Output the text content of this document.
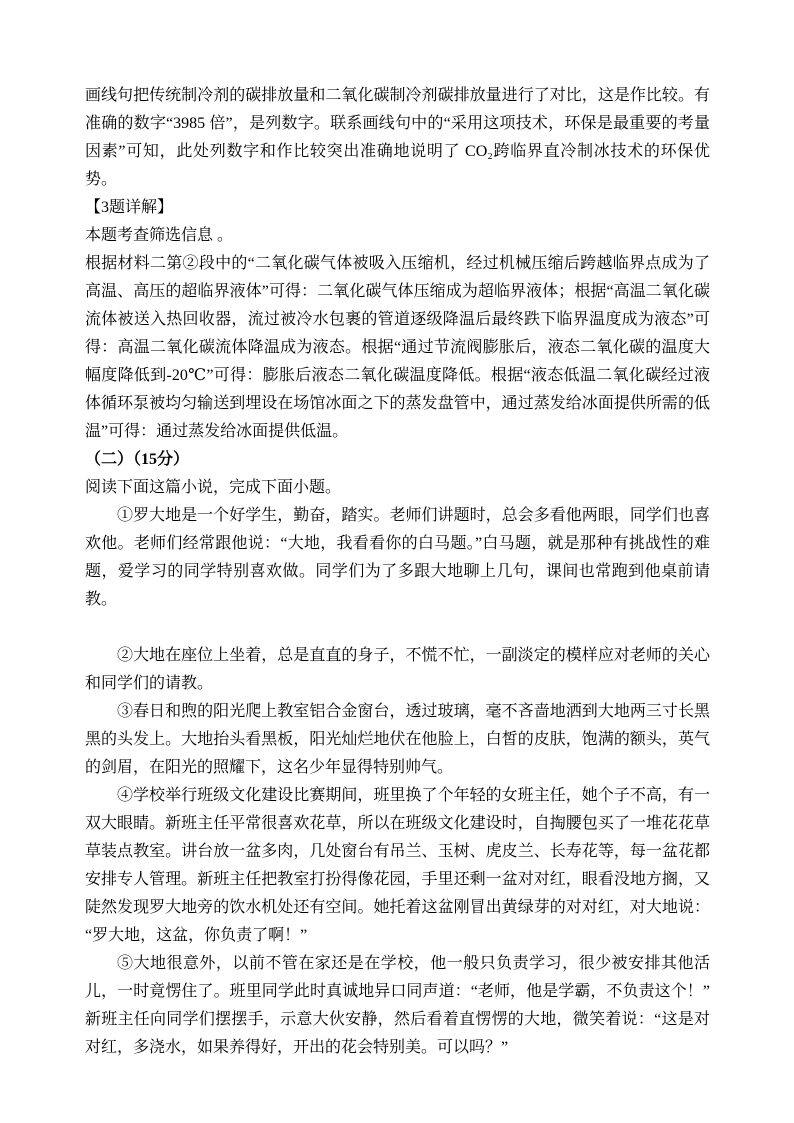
画线句把传统制冷剂的碳排放量和二氧化碳制冷剂碳排放量进行了对比，这是作比较。有准确的数字“3985 倍”，是列数字。联系画线句中的“采用这项技术，环保是最重要的考量因素”可知，此处列数字和作比较突出准确地说明了 CO₂跨临界直冷制冰技术的环保优势。

【3题详解】

本题考查筛选信息 。

根据材料二第②段中的“二氧化碳气体被吸入压缩机，经过机械压缩后跨越临界点成为了高温、高压的超临界液体”可得：二氧化碳气体压缩成为超临界液体；根据“高温二氧化碳流体被送入热回收器，流过被冷水包裹的管道逐级降温后最终跌下临界温度成为液态”可得：高温二氧化碳流体降温成为液态。根据“通过节流阀膨胀后，液态二氧化碳的温度大幅度降低到-20℃”可得：膨胀后液态二氧化碳温度降低。根据“液态低温二氧化碳经过液体循环泵被均匀输送到埋设在场馆冰面之下的蒸发盘管中，通过蒸发给冰面提供所需的低温”可得：通过蒸发给冰面提供低温。

（二）（15分）

阅读下面这篇小说，完成下面小题。

①罗大地是一个好学生，勤奋，踏实。老师们讲题时，总会多看他两眼，同学们也喜欢他。老师们经常跟他说：“大地，我看看你的白马题。”白马题，就是那种有挑战性的难题，爱学习的同学特别喜欢做。同学们为了多跟大地聊上几句，课间也常跑到他桌前请教。

②大地在座位上坐着，总是直直的身子，不慌不忙，一副淡定的模样应对老师的关心和同学们的请教。

③春日和煦的阳光爬上教室铝合金窗台，透过玻璃，毫不吝啬地洒到大地两三寸长黑黑的头发上。大地抬头看黑板，阳光灿烂地伏在他脸上，白皙的皮肤，饱满的额头，英气的剑眉，在阳光的照耀下，这名少年显得特别帅气。

④学校举行班级文化建设比赛期间，班里换了个年轻的女班主任，她个子不高，有一双大眼睛。新班主任平常很喜欢花草，所以在班级文化建设时，自掏腰包买了一堆花花草草装点教室。讲台放一盆多肉，几处窗台有吊兰、玉树、虎皮兰、长寿花等，每一盆花都安排专人管理。新班主任把教室打扮得像花园，手里还剩一盆对对红，眼看没地方搁，又陡然发现罗大地旁的饮水机处还有空间。她托着这盆刚冒出黄绿芽的对对红，对大地说：“罗大地，这盆，你负责了啊！”

⑤大地很意外，以前不管在家还是在学校，他一般只负责学习，很少被安排其他活儿，一时竟愣住了。班里同学此时真诚地异口同声道：“老师，他是学霸，不负责这个！”新班主任向同学们摆摆手，示意大伙安静，然后看着直愣愣的大地，微笑着说：“这是对对红，多浇水，如果养得好，开出的花会特别美。可以吗？”
